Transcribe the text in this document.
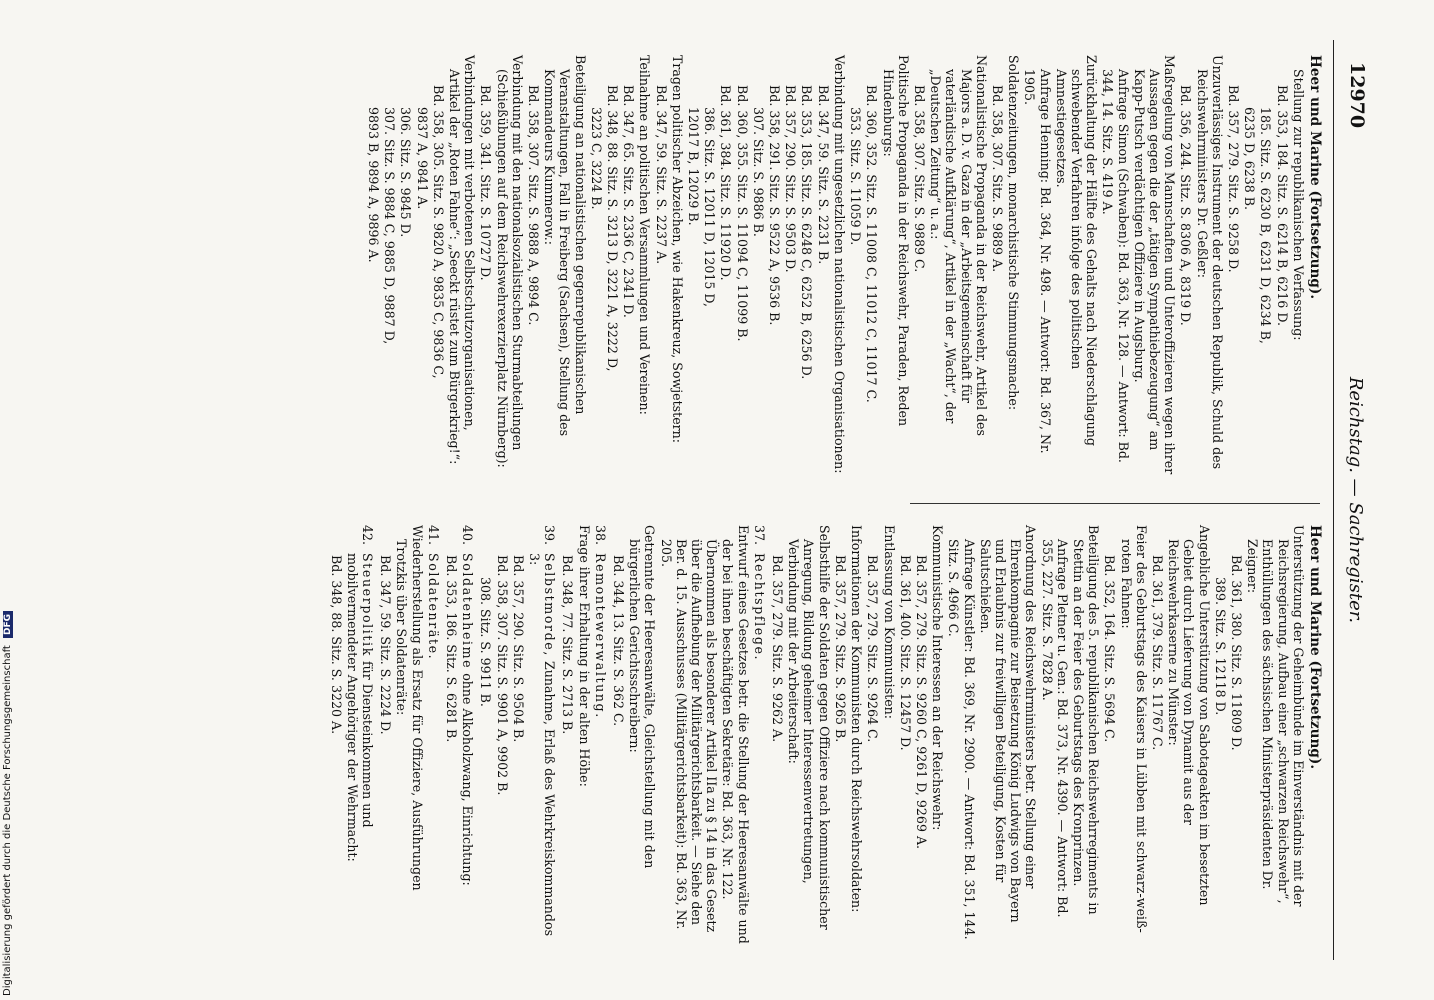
12970
Reichstag. — Sachregister.
Heer und Marine (Fortsetzung).
Stellung zur republikanischen Verfassung:
Bd. 353, 184. Sitz. S. 6214 B, 6216 D.
185. Sitz. S. 6230 B, 6231 D, 6234 B,
6235 D, 6238 B.
Bd. 357, 279. Sitz. S. 9258 D.
Unzuverlässiges Instrument der deutschen Republik, Schuld des Reichswehrministers Dr. Geßler:
Bd. 356, 244. Sitz. S. 8306 A, 8319 D.
Maßregelung von Mannschaften und Unteroffizieren wegen ihrer Aussagen gegen die der „tätigen Sympathiebezeugung“ am Kapp-Putsch verdächtigen Offiziere in Augsburg.
Anfrage Simon (Schwaben): Bd. 363, Nr. 128. — Antwort: Bd. 344, 14. Sitz. S. 419 A.
Zurückhaltung der Hälfte des Gehalts nach Niederschlagung schwebender Verfahren infolge des politischen Amnestiegesetzes.
Anfrage Henning: Bd. 364, Nr. 498. — Antwort: Bd. 367, Nr. 1905.
Soldatenzeitungen, monarchistische Stimmungsmache:
Bd. 358, 307. Sitz. S. 9889 A.
Nationalistische Propaganda in der Reichswehr, Artikel des Majors a. D. v. Gaza in der „Arbeitsgemeinschaft für vaterländische Aufklärung“, Artikel in der „Wacht“, der „Deutschen Zeitung“ u. a.:
Bd. 358, 307. Sitz. S. 9889 C.
Politische Propaganda in der Reichswehr, Paraden, Reden Hindenburgs:
Bd. 360, 352. Sitz. S. 11008 C, 11012 C, 11017 C.
353. Sitz. S. 11059 D.
Verbindung mit ungesetzlichen nationalistischen Organisationen:
Bd. 347, 59. Sitz. S. 2231 B.
Bd. 353, 185. Sitz. S. 6248 C, 6252 B, 6256 D.
Bd. 357, 290. Sitz. S. 9503 D.
Bd. 358, 291. Sitz. S. 9522 A, 9536 B.
307. Sitz. S. 9886 B.
Bd. 360, 355. Sitz. S. 11094 C, 11099 B.
Bd. 361, 384. Sitz. S. 11920 D.
386. Sitz. S. 12011 D, 12015 D,
12017 B, 12029 B.
Tragen politischer Abzeichen, wie Hakenkreuz, Sowjetstern:
Bd. 347, 59. Sitz. S. 2237 A.
Teilnahme an politischen Versammlungen und Vereinen:
Bd. 347, 65. Sitz. S. 2336 C, 2341 D.
Bd. 348, 88. Sitz. S. 3213 D, 3221 A, 3222 D,
3223 C, 3224 B.
Beteiligung an nationalistischen gegenrepublikanischen Veranstaltungen, Fall in Freiberg (Sachsen), Stellung des Kommandeurs Kummerow.:
Bd. 358, 307. Sitz. S. 9888 A, 9894 C.
Verbindung mit den nationalsozialistischen Sturmabteilungen (Schießübungen auf dem Reichswehrexerzierplatz Nürnberg):
Bd. 359, 341. Sitz. S. 10727 D.
Verbindungen mit verbotenen Selbstschutzorganisationen, Artikel der „Roten Fahne“: „Seeckt rüstet zum Bürgerkrieg!“:
Bd. 358, 305. Sitz. S. 9820 A, 9835 C, 9836 C,
9837 A, 9841 A.
306. Sitz. S. 9845 D.
307. Sitz. S. 9884 C, 9885 D, 9887 D,
9893 B, 9894 A, 9896 A.
Heer und Marine (Fortsetzung).
Unterstützung der Geheimbünde im Einverständnis mit der Reichsregierung, Aufbau einer „schwarzen Reichswehr“, Enthüllungen des sächsischen Ministerpräsidenten Dr. Zeigner:
Bd. 361, 380. Sitz. S. 11809 D.
389. Sitz. S. 12118 D.
Angebliche Unterstützung von Sabotageakten im besetzten Gebiet durch Lieferung von Dynamit aus der Reichswehrkaserne zu Münster:
Bd. 361, 379. Sitz. S. 11767 C.
Feier des Geburtstags des Kaisers in Lübben mit schwarz-weiß-roten Fahnen:
Bd. 352, 164. Sitz. S. 5694 C.
Beteiligung des 5. republikanischen Reichswehrregiments in Stettin an der Feier des Geburtstags des Kronprinzen.
Anfrage Pletner u. Gen.: Bd. 373, Nr. 4390. — Antwort: Bd. 355, 227. Sitz. S. 7828 A.
Anordnung des Reichswehrministers betr. Stellung einer Ehrenkompagnie zur Beisetzung König Ludwigs von Bayern und Erlaubnis zur freiwilligen Beteiligung, Kosten für Salutschießen.
Anfrage Künstler: Bd. 369, Nr. 2900. — Antwort: Bd. 351, 144. Sitz. S. 4966 C.
Kommunistische Interessen an der Reichswehr:
Bd. 357, 279. Sitz. S. 9260 C, 9261 D, 9269 A.
Bd. 361, 400. Sitz. S. 12457 D.
Entlassung von Kommunisten:
Bd. 357, 279. Sitz. S. 9264 C.
Informationen der Kommunisten durch Reichswehrsoldaten:
Bd. 357, 279. Sitz. S. 9265 B.
Selbsthilfe der Soldaten gegen Offiziere nach kommunistischer Anregung, Bildung geheimer Interessenvertretungen, Verbindung mit der Arbeiterschaft:
Bd. 357, 279. Sitz. S. 9262 A.
37.Rechtspflege.
Entwurf eines Gesetzes betr. die Stellung der Heeresanwälte und der bei ihnen beschäftigten Sekretäre: Bd. 363, Nr. 122.
Übernommen als besonderer Artikel IIa zu § 14 in das Gesetz über die Aufhebung der Militärgerichtsbarkeit. — Siehe den Ber. d. 15. Ausschusses (Militärgerichtsbarkeit): Bd. 363, Nr. 205.
Getrennte der Heeresanwälte, Gleichstellung mit den bürgerlichen Gerichtsschreibern:
Bd. 344, 13. Sitz. S. 362 C.
38.Remontewerwaltung.
Frage ihrer Erhaltung in der alten Höhe:
Bd. 348, 77. Sitz. S. 2713 B.
39.Selbstmorde, Zunahme, Erlaß des Wehrkreiskommandos 3:
Bd. 357, 290. Sitz. S. 9504 B.
Bd. 358, 307. Sitz. S. 9901 A, 9902 B.
308. Sitz. S. 9911 B.
40.Soldatenheime ohne Alkoholzwang, Einrichtung:
Bd. 353, 186. Sitz. S. 6281 B.
41.Soldatenräte.
Wiederherstellung als Ersatz für Offiziere, Ausführungen Trotzkis über Soldatenräte:
Bd. 347, 59. Sitz. S. 2224 D.
42.Steuerpolitik für Diensteinkommen und mobilvermendeter Angehöriger der Wehrmacht:
Bd. 348, 88. Sitz. S. 3220 A.
Digitalisierung gefördert durch die Deutsche Forschungsgemeinschaft DFG
